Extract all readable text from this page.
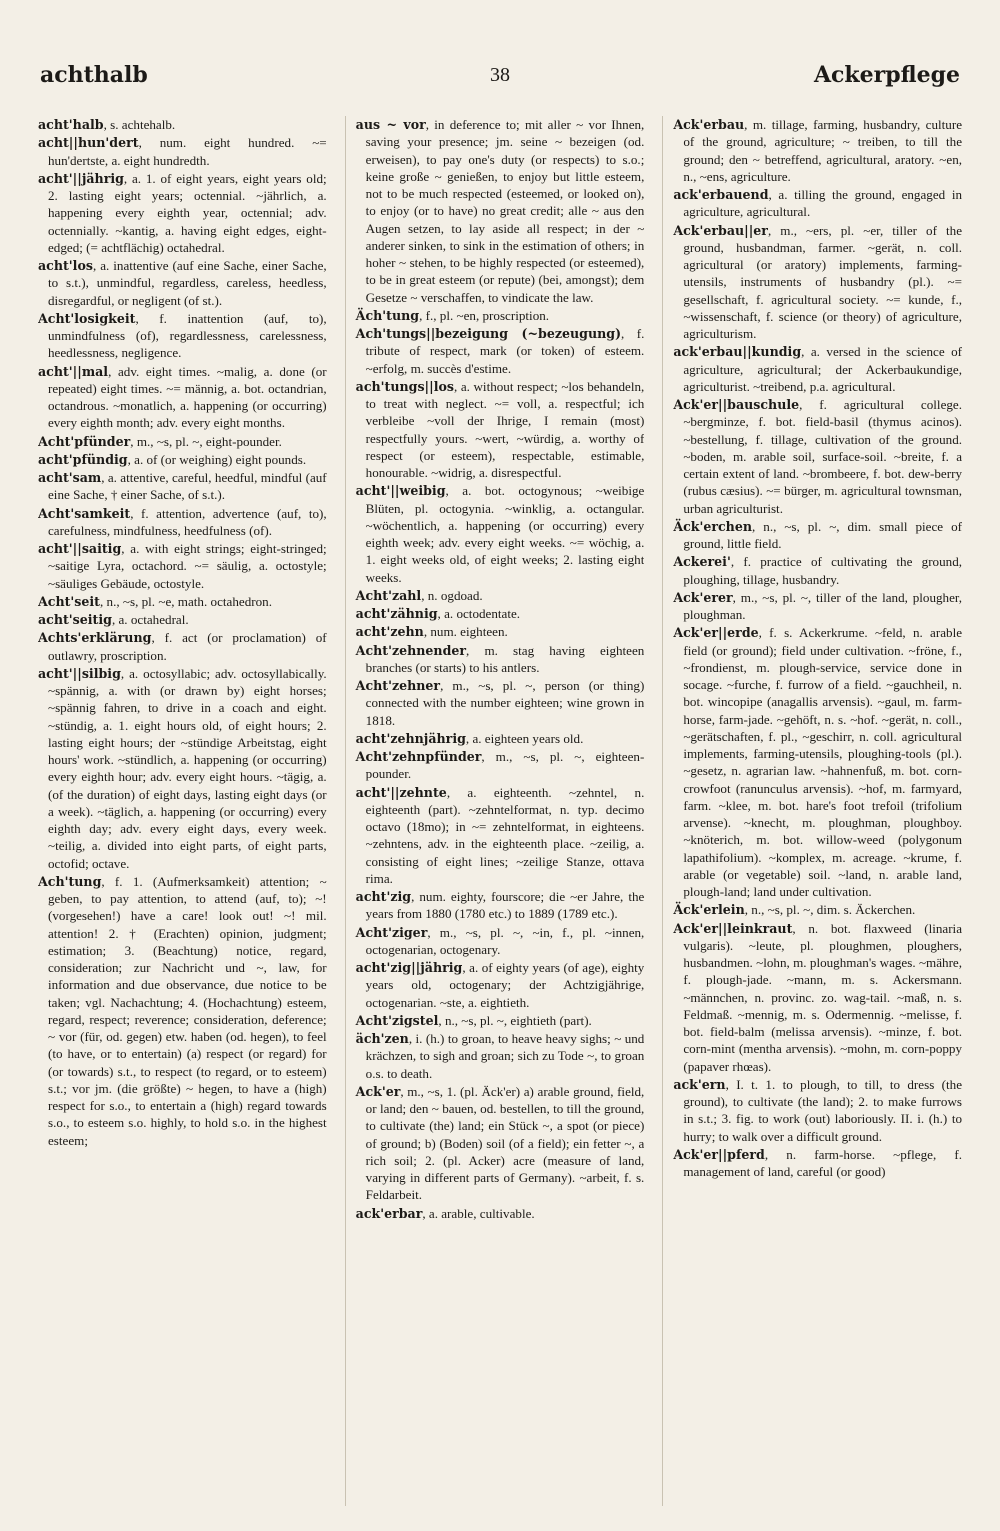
achthalb	38	Ackerpflege

acht'halb, s. achtehalb.

acht||hun'dert, num. eight hundred. ~= hun'dertste, a. eight hundredth.

acht'||jährig, a. 1. of eight years, eight years old; 2. lasting eight years; octennial. ~jährlich, a. happening every eighth year, octennial; adv. octennially. ~kantig, a. having eight edges, eight-edged; (= achtflächig) octahedral.

acht'los, a. inattentive (auf eine Sache, einer Sache, to s.t.), unmindful, regardless, careless, heedless, disregardful, or negligent (of st.).

Acht'losigkeit, f. inattention (auf, to), unmindfulness (of), regardlessness, carelessness, heedlessness, negligence.

acht'||mal, adv. eight times. ~malig, a. done (or repeated) eight times. ~= männig, a. bot. octandrian, octandrous. ~monatlich, a. happening (or occurring) every eighth month; adv. every eight months.

Acht'pfünder, m., ~s, pl. ~, eight-pounder.

acht'pfündig, a. of (or weighing) eight pounds.

acht'sam, a. attentive, careful, heedful, mindful (auf eine Sache, † einer Sache, of s.t.).

Acht'samkeit, f. attention, advertence (auf, to), carefulness, mindfulness, heedfulness (of).

acht'||saitig, a. with eight strings; eight-stringed; ~saitige Lyra, octachord. ~= säulig, a. octostyle; ~säuliges Gebäude, octostyle.

Acht'seit, n., ~s, pl. ~e, math. octahedron.

acht'seitig, a. octahedral.

Achts'erklärung, f. act (or proclamation) of outlawry, proscription.

acht'||silbig, a. octosyllabic; adv. octosyllabically. ~spännig, a. with (or drawn by) eight horses; ~spännig fahren, to drive in a coach and eight. ~stündig, a. 1. eight hours old, of eight hours; 2. lasting eight hours; der ~stündige Arbeitstag, eight hours' work. ~stündlich, a. happening (or occurring) every eighth hour; adv. every eight hours. ~tägig, a. (of the duration) of eight days, lasting eight days (or a week). ~täglich, a. happening (or occurring) every eighth day; adv. every eight days, every week. ~teilig, a. divided into eight parts, of eight parts, octofid; octave.

Ach'tung, f. 1. (Aufmerksamkeit) attention; ~ geben, to pay attention, to attend (auf, to); ~! (vorgesehen!) have a care! look out! ~! mil. attention! 2. † (Erachten) opinion, judgment; estimation; 3. (Beachtung) notice, regard, consideration; zur Nachricht und ~, law, for information and due observance, due notice to be taken; vgl. Nachachtung; 4. (Hochachtung) esteem, regard, respect; reverence; consideration, deference; ~ vor (für, od. gegen) etw. haben (od. hegen), to feel (to have, or to entertain) (a) respect (or regard) for (or towards) s.t., to respect (to regard, or to esteem) s.t.; vor jm. (die größte) ~ hegen, to have a (high) respect for s.o., to entertain a (high) regard towards s.o., to esteem s.o. highly, to hold s.o. in the highest esteem;

aus ~ vor, in deference to; mit aller ~ vor Ihnen, saving your presence; jm. seine ~ bezeigen (od. erweisen), to pay one's duty (or respects) to s.o.; keine große ~ genießen, to enjoy but little esteem, not to be much respected (esteemed, or looked on), to enjoy (or to have) no great credit; alle ~ aus den Augen setzen, to lay aside all respect; in der ~ anderer sinken, to sink in the estimation of others; in hoher ~ stehen, to be highly respected (or esteemed), to be in great esteem (or repute) (bei, amongst); dem Gesetze ~ verschaffen, to vindicate the law.

Äch'tung, f., pl. ~en, proscription.

Ach'tungs||bezeigung (~bezeugung), f. tribute of respect, mark (or token) of esteem. ~erfolg, m. succès d'estime.

ach'tungs||los, a. without respect; ~los behandeln, to treat with neglect. ~= voll, a. respectful; ich verbleibe ~voll der Ihrige, I remain (most) respectfully yours. ~wert, ~würdig, a. worthy of respect (or esteem), respectable, estimable, honourable. ~widrig, a. disrespectful.

acht'||weibig, a. bot. octogynous; ~weibige Blüten, pl. octogynia. ~winklig, a. octangular. ~wöchentlich, a. happening (or occurring) every eighth week; adv. every eight weeks. ~= wöchig, a. 1. eight weeks old, of eight weeks; 2. lasting eight weeks.

Acht'zahl, n. ogdoad.

acht'zähnig, a. octodentate.

acht'zehn, num. eighteen.

Acht'zehnender, m. stag having eighteen branches (or starts) to his antlers.

Acht'zehner, m., ~s, pl. ~, person (or thing) connected with the number eighteen; wine grown in 1818.

acht'zehnjährig, a. eighteen years old.

Acht'zehnpfünder, m., ~s, pl. ~, eighteen-pounder.

acht'||zehnte, a. eighteenth. ~zehntel, n. eighteenth (part). ~zehntelformat, n. typ. decimo octavo (18mo); in ~= zehntelformat, in eighteens. ~zehntens, adv. in the eighteenth place. ~zeilig, a. consisting of eight lines; ~zeilige Stanze, ottava rima.

acht'zig, num. eighty, fourscore; die ~er Jahre, the years from 1880 (1780 etc.) to 1889 (1789 etc.).

Acht'ziger, m., ~s, pl. ~, ~in, f., pl. ~innen, octogenarian, octogenary.

acht'zig||jährig, a. of eighty years (of age), eighty years old, octogenary; der Achtzigjährige, octogenarian. ~ste, a. eightieth.

Acht'zigstel, n., ~s, pl. ~, eightieth (part).

äch'zen, i. (h.) to groan, to heave heavy sighs; ~ und krächzen, to sigh and groan; sich zu Tode ~, to groan o.s. to death.

Ack'er, m., ~s, 1. (pl. Äck'er) a) arable ground, field, or land; den ~ bauen, od. bestellen, to till the ground, to cultivate (the) land; ein Stück ~, a spot (or piece) of ground; b) (Boden) soil (of a field); ein fetter ~, a rich soil; 2. (pl. Acker) acre (measure of land, varying in different parts of Germany). ~arbeit, f. s. Feldarbeit.

ack'erbar, a. arable, cultivable.

Ack'erbau, m. tillage, farming, husbandry, culture of the ground, agriculture; ~ treiben, to till the ground; den ~ betreffend, agricultural, aratory. ~en, n., ~ens, agriculture.

ack'erbauend, a. tilling the ground, engaged in agriculture, agricultural.

Ack'erbau||er, m., ~ers, pl. ~er, tiller of the ground, husbandman, farmer. ~gerät, n. coll. agricultural (or aratory) implements, farming-utensils, instruments of husbandry (pl.). ~= gesellschaft, f. agricultural society. ~= kunde, f., ~wissenschaft, f. science (or theory) of agriculture, agriculturism.

ack'erbau||kundig, a. versed in the science of agriculture, agricultural; der Ackerbaukundige, agriculturist. ~treibend, p.a. agricultural.

Ack'er||bauschule, f. agricultural college. ~bergminze, f. bot. field-basil (thymus acinos). ~bestellung, f. tillage, cultivation of the ground. ~boden, m. arable soil, surface-soil. ~breite, f. a certain extent of land. ~brombeere, f. bot. dew-berry (rubus cæsius). ~= bürger, m. agricultural townsman, urban agriculturist.

Äck'erchen, n., ~s, pl. ~, dim. small piece of ground, little field.

Ackerei', f. practice of cultivating the ground, ploughing, tillage, husbandry.

Ack'erer, m., ~s, pl. ~, tiller of the land, plougher, ploughman.

Ack'er||erde, f. s. Ackerkrume. ~feld, n. arable field (or ground); field under cultivation. ~fröne, f., ~frondienst, m. plough-service, service done in socage. ~furche, f. furrow of a field. ~gauchheil, n. bot. wincopipe (anagallis arvensis). ~gaul, m. farm-horse, farm-jade. ~gehöft, n. s. ~hof. ~gerät, n. coll., ~gerätschaften, f. pl., ~geschirr, n. coll. agricultural implements, farming-utensils, ploughing-tools (pl.). ~gesetz, n. agrarian law. ~hahnenfuß, m. bot. corn-crowfoot (ranunculus arvensis). ~hof, m. farmyard, farm. ~klee, m. bot. hare's foot trefoil (trifolium arvense). ~knecht, m. ploughman, ploughboy. ~knöterich, m. bot. willow-weed (polygonum lapathifolium). ~komplex, m. acreage. ~krume, f. arable (or vegetable) soil. ~land, n. arable land, plough-land; land under cultivation.

Äck'erlein, n., ~s, pl. ~, dim. s. Äckerchen.

Ack'er||leinkraut, n. bot. flaxweed (linaria vulgaris). ~leute, pl. ploughmen, ploughers, husbandmen. ~lohn, m. ploughman's wages. ~mähre, f. plough-jade. ~mann, m. s. Ackersmann. ~männchen, n. provinc. zo. wag-tail. ~maß, n. s. Feldmaß. ~mennig, m. s. Odermennig. ~melisse, f. bot. field-balm (melissa arvensis). ~minze, f. bot. corn-mint (mentha arvensis). ~mohn, m. corn-poppy (papaver rhœas).

ack'ern, I. t. 1. to plough, to till, to dress (the ground), to cultivate (the land); 2. to make furrows in s.t.; 3. fig. to work (out) laboriously. II. i. (h.) to hurry; to walk over a difficult ground.

Ack'er||pferd, n. farm-horse. ~pflege, f. management of land, careful (or good)
